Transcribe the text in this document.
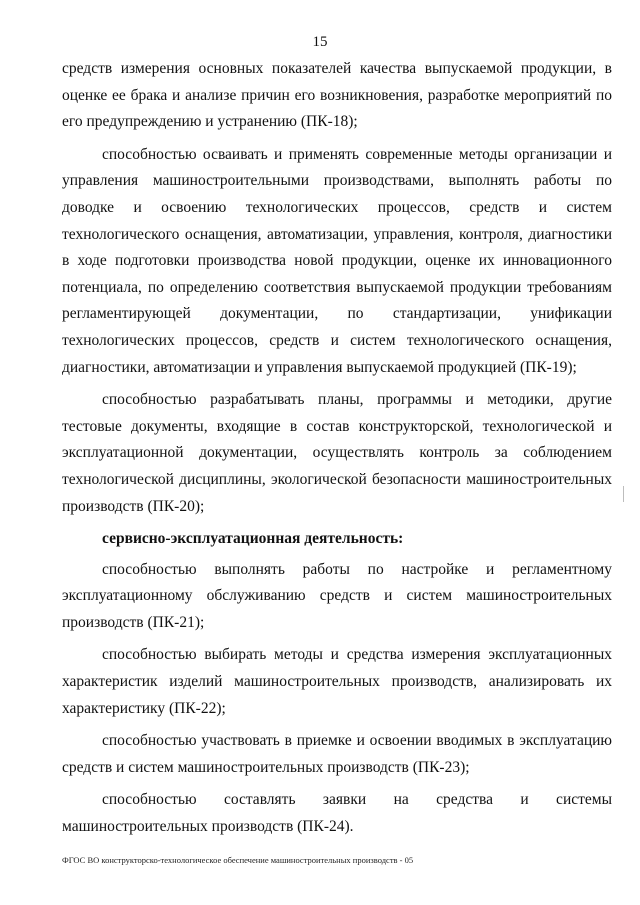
15

средств измерения основных показателей качества выпускаемой продукции, в оценке ее брака и анализе причин его возникновения, разработке мероприятий по его предупреждению и устранению (ПК-18);

способностью осваивать и применять современные методы организации и управления машиностроительными производствами, выполнять работы по доводке и освоению технологических процессов, средств и систем технологического оснащения, автоматизации, управления, контроля, диагностики в ходе подготовки производства новой продукции, оценке их инновационного потенциала, по определению соответствия выпускаемой продукции требованиям регламентирующей документации, по стандартизации, унификации технологических процессов, средств и систем технологического оснащения, диагностики, автоматизации и управления выпускаемой продукцией (ПК-19);

способностью разрабатывать планы, программы и методики, другие тестовые документы, входящие в состав конструкторской, технологической и эксплуатационной документации, осуществлять контроль за соблюдением технологической дисциплины, экологической безопасности машиностроительных производств (ПК-20);

сервисно-эксплуатационная деятельность:

способностью выполнять работы по настройке и регламентному эксплуатационному обслуживанию средств и систем машиностроительных производств (ПК-21);

способностью выбирать методы и средства измерения эксплуатационных характеристик изделий машиностроительных производств, анализировать их характеристику (ПК-22);

способностью участвовать в приемке и освоении вводимых в эксплуатацию средств и систем машиностроительных производств (ПК-23);

способностью составлять заявки на средства и системы машиностроительных производств (ПК-24).

ФГОС ВО конструкторско-технологическое обеспечение машиностроительных производств - 05
